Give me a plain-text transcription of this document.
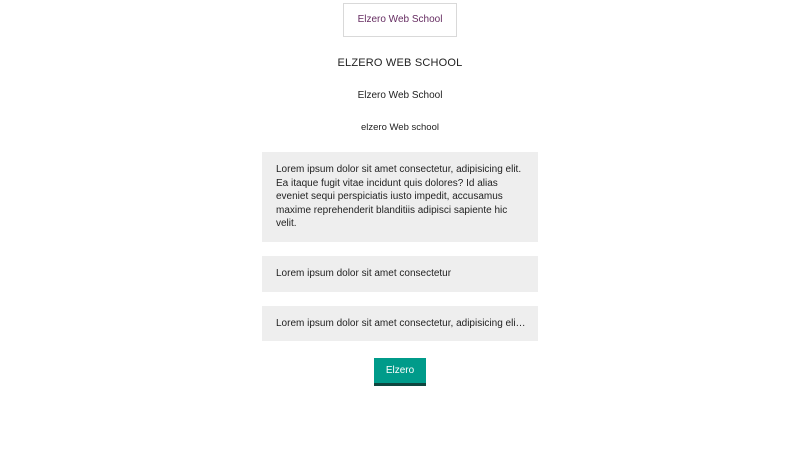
Elzero Web School
ELZERO WEB SCHOOL
Elzero Web School
elzero Web school

Lorem ipsum dolor sit amet consectetur, adipisicing elit. Ea itaque fugit vitae incidunt quis dolores? Id alias eveniet sequi perspiciatis iusto impedit, accusamus maxime reprehenderit blanditiis adipisci sapiente hic velit.

Lorem ipsum dolor sit amet consectetur

Lorem ipsum dolor sit amet consectetur, adipisicing eli…

Elzero
